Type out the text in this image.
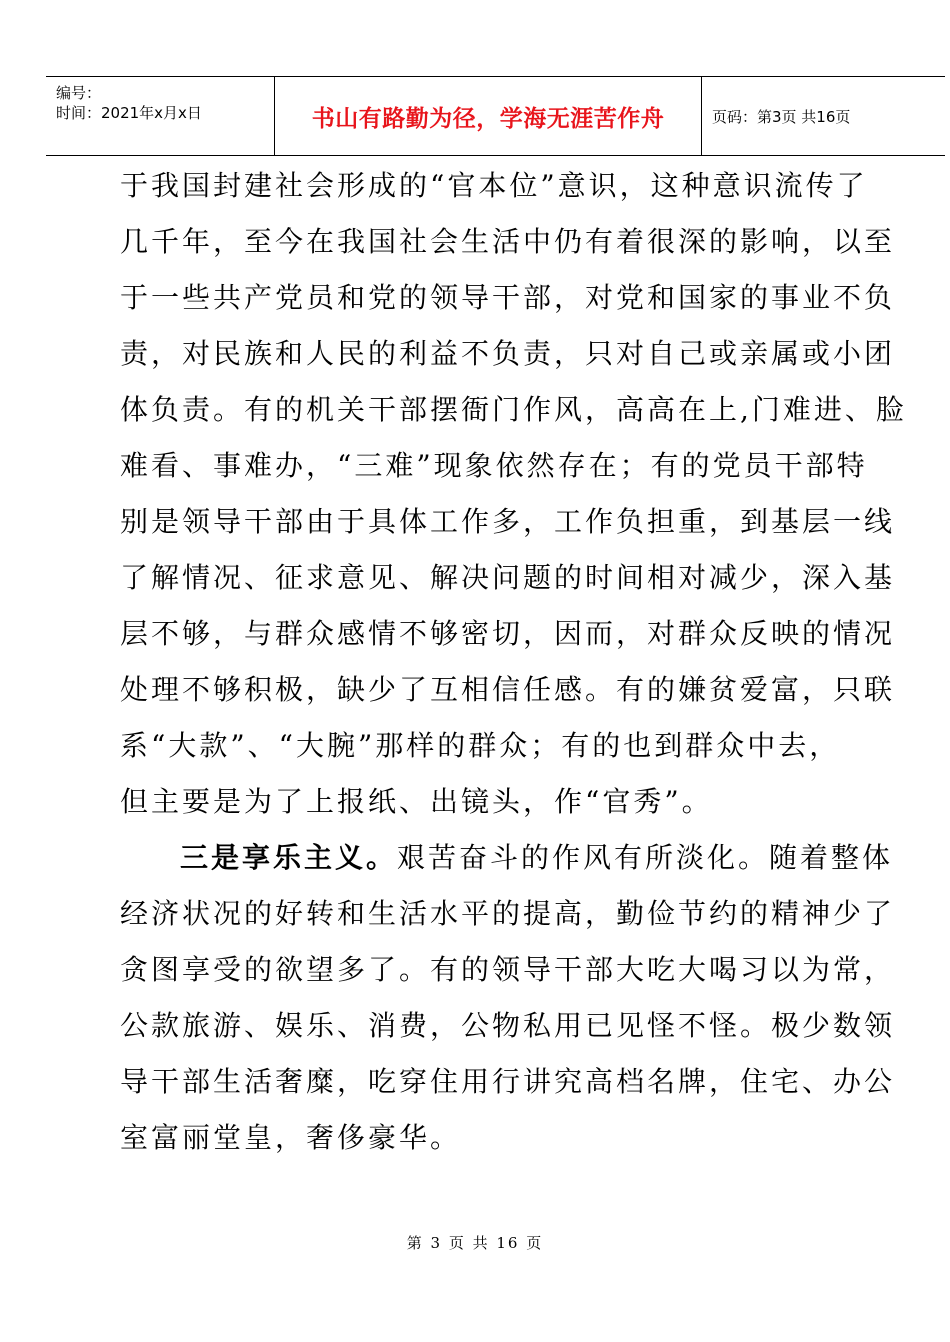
编号：
时间：2021年x月x日	书山有路勤为径，学海无涯苦作舟	页码：第3页 共16页
于我国封建社会形成的“官本位”意识，这种意识流传了
几千年，至今在我国社会生活中仍有着很深的影响，以至
于一些共产党员和党的领导干部，对党和国家的事业不负
责，对民族和人民的利益不负责，只对自己或亲属或小团
体负责。有的机关干部摆衙门作风，高高在上,门难进、脸
难看、事难办，“三难”现象依然存在；有的党员干部特
别是领导干部由于具体工作多，工作负担重，到基层一线
了解情况、征求意见、解决问题的时间相对减少，深入基
层不够，与群众感情不够密切，因而，对群众反映的情况
处理不够积极，缺少了互相信任感。有的嫌贫爱富，只联
系“大款”、“大腕”那样的群众；有的也到群众中去，
但主要是为了上报纸、出镜头，作“官秀”。
三是享乐主义。艰苦奋斗的作风有所淡化。随着整体
经济状况的好转和生活水平的提高，勤俭节约的精神少了
贪图享受的欲望多了。有的领导干部大吃大喝习以为常，
公款旅游、娱乐、消费，公物私用已见怪不怪。极少数领
导干部生活奢糜，吃穿住用行讲究高档名牌，住宅、办公
室富丽堂皇，奢侈豪华。
第 3 页 共 16 页
